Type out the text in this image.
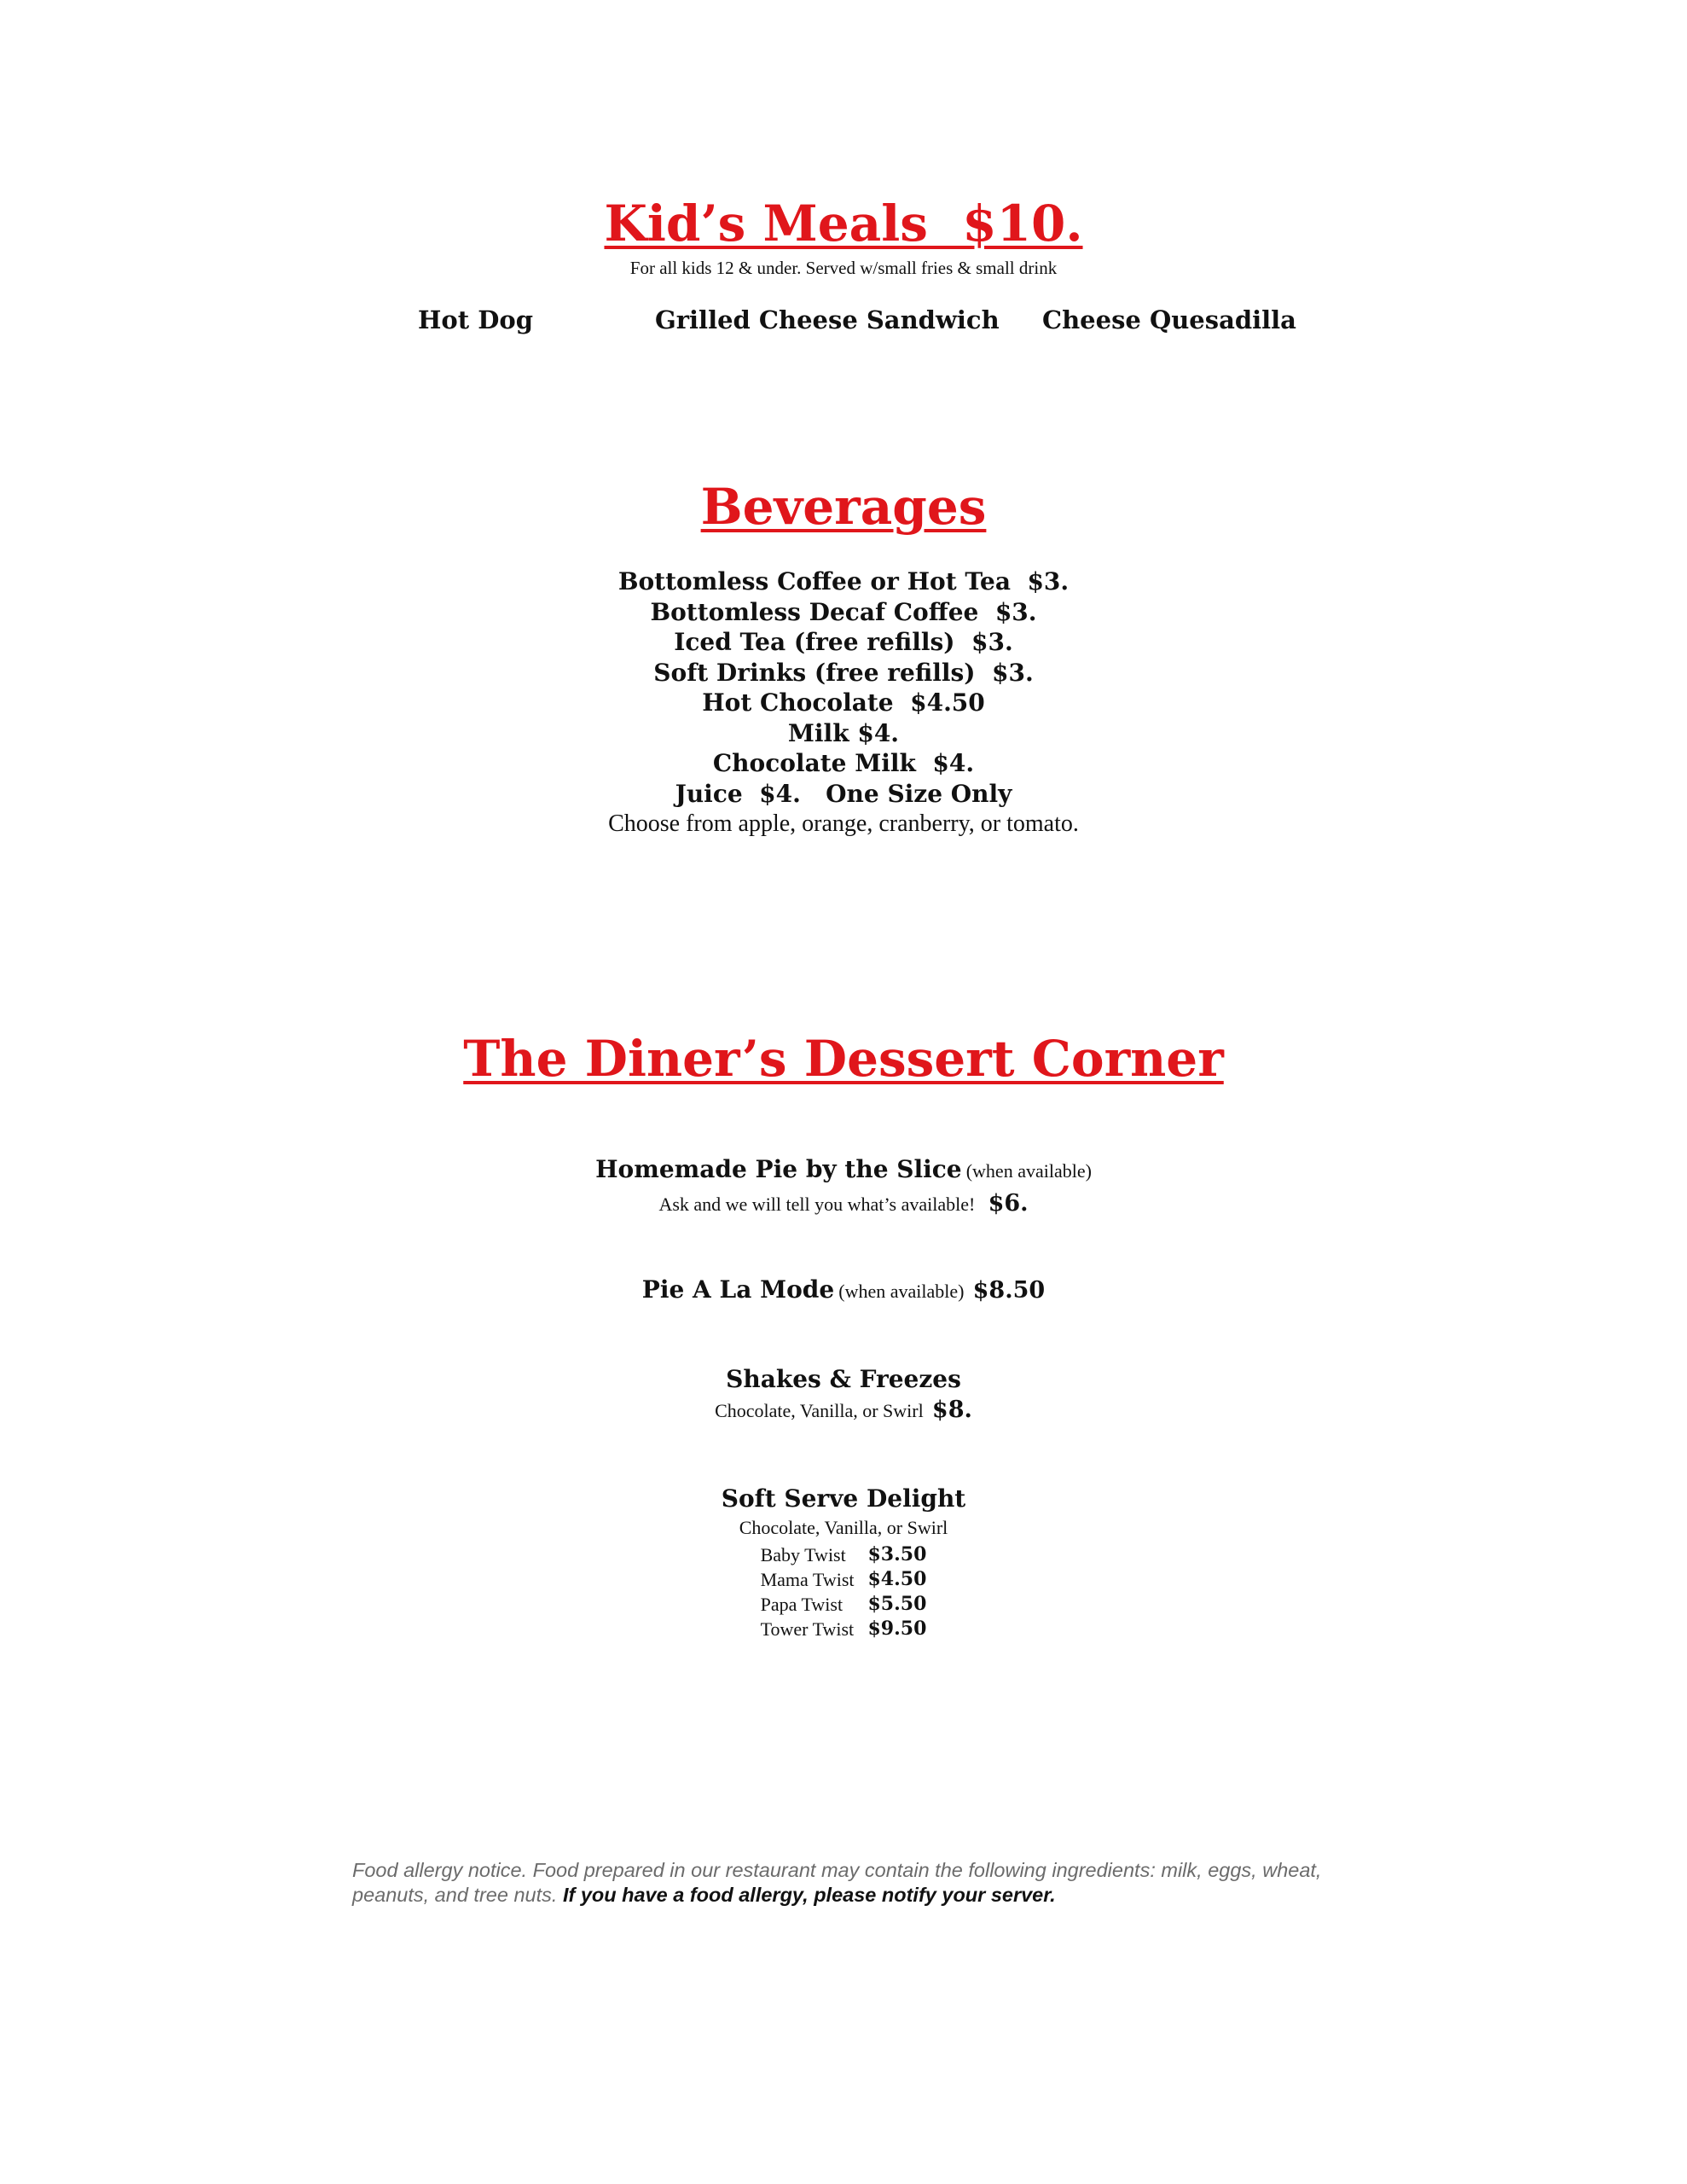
Kid’s Meals  $10.
For all kids 12 & under. Served w/small fries & small drink
Hot Dog	Grilled Cheese Sandwich Cheese Quesadilla
Beverages
Bottomless Coffee or Hot Tea  $3.
Bottomless Decaf Coffee  $3.
Iced Tea (free refills)  $3.
Soft Drinks (free refills)  $3.
Hot Chocolate  $4.50
Milk $4.
Chocolate Milk  $4.
Juice  $4.   One Size Only
Choose from apple, orange, cranberry, or tomato.
The Diner’s Dessert Corner
Homemade Pie by the Slice (when available)
Ask and we will tell you what’s available! $6.
Pie A La Mode (when available) $8.50
Shakes & Freezes
Chocolate, Vanilla, or Swirl $8.
Soft Serve Delight
Chocolate, Vanilla, or Swirl
Baby Twist	$3.50
Mama Twist	$4.50
Papa Twist	$5.50
Tower Twist	$9.50
Food allergy notice. Food prepared in our restaurant may contain the following ingredients: milk, eggs, wheat, peanuts, and tree nuts. If you have a food allergy, please notify your server.
